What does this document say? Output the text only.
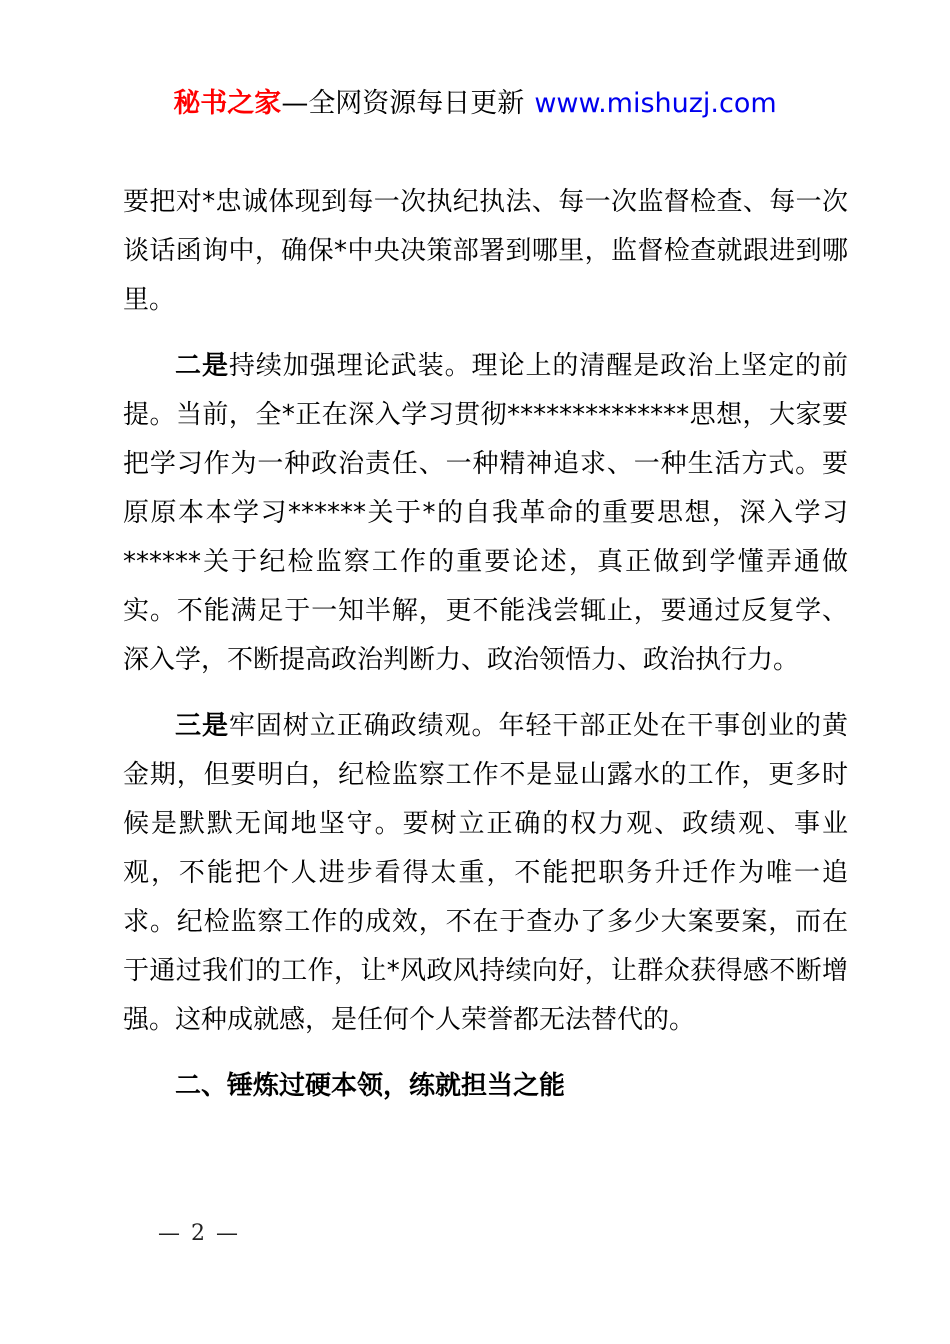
秘书之家—全网资源每日更新 www.mishuzj.com

要把对*忠诚体现到每一次执纪执法、每一次监督检查、每一次谈话函询中，确保*中央决策部署到哪里，监督检查就跟进到哪里。

二是持续加强理论武装。理论上的清醒是政治上坚定的前提。当前，全*正在深入学习贯彻**************思想，大家要把学习作为一种政治责任、一种精神追求、一种生活方式。要原原本本学习******关于*的自我革命的重要思想，深入学习******关于纪检监察工作的重要论述，真正做到学懂弄通做实。不能满足于一知半解，更不能浅尝辄止，要通过反复学、深入学，不断提高政治判断力、政治领悟力、政治执行力。

三是牢固树立正确政绩观。年轻干部正处在干事创业的黄金期，但要明白，纪检监察工作不是显山露水的工作，更多时候是默默无闻地坚守。要树立正确的权力观、政绩观、事业观，不能把个人进步看得太重，不能把职务升迁作为唯一追求。纪检监察工作的成效，不在于查办了多少大案要案，而在于通过我们的工作，让*风政风持续向好，让群众获得感不断增强。这种成就感，是任何个人荣誉都无法替代的。

二、锤炼过硬本领，练就担当之能

— 2 —
